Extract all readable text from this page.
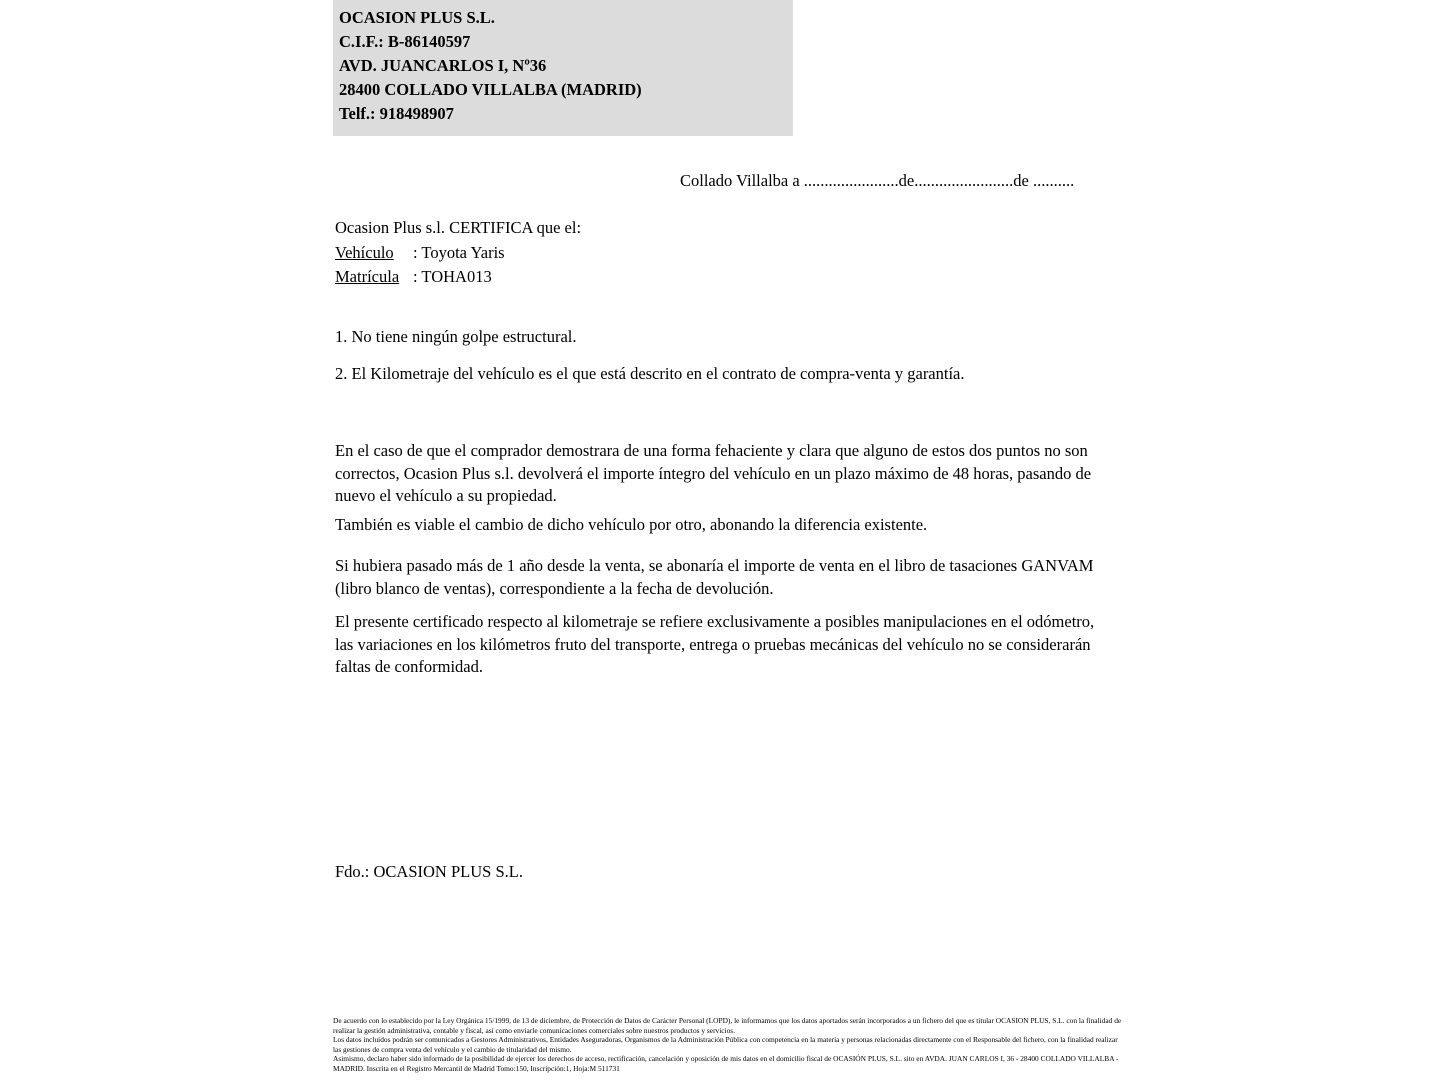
OCASION PLUS S.L.
C.I.F.: B-86140597
AVD. JUANCARLOS I, Nº36
28400 COLLADO VILLALBA (MADRID)
Telf.: 918498907
Collado Villalba a .......................de........................de ..........
Ocasion Plus s.l. CERTIFICA que el:
Vehículo : Toyota Yaris
Matrícula : TOHA013
1. No tiene ningún golpe estructural.
2. El Kilometraje del vehículo es el que está descrito en el contrato de compra-venta y garantía.
En el caso de que el comprador demostrara de una forma fehaciente y clara que alguno de estos dos puntos no son correctos, Ocasion Plus s.l. devolverá el importe íntegro del vehículo en un plazo máximo de 48 horas, pasando de nuevo el vehículo a su propiedad.
También es viable el cambio de dicho vehículo por otro, abonando la diferencia existente.
Si hubiera pasado más de 1 año desde la venta, se abonaría el importe de venta en el libro de tasaciones GANVAM (libro blanco de ventas), correspondiente a la fecha de devolución.
El presente certificado respecto al kilometraje se refiere exclusivamente a posibles manipulaciones en el odómetro, las variaciones en los kilómetros fruto del transporte, entrega o pruebas mecánicas del vehículo no se considerarán faltas de conformidad.
Fdo.: OCASION PLUS S.L.

De acuerdo con lo establecido por la Ley Orgánica 15/1999, de 13 de diciembre, de Protección de Datos de Carácter Personal (LOPD), le informamos que los datos aportados serán incorporados a un fichero del que es titular OCASION PLUS, S.L. con la finalidad de realizar la gestión administrativa, contable y fiscal, así como enviarle comunicaciones comerciales sobre nuestros productos y servicios.

Los datos incluidos podrán ser comunicados a Gestores Administrativos, Entidades Aseguradoras, Organismos de la Administración Pública con competencia en la materia y personas relacionadas directamente con el Responsable del fichero, con la finalidad realizar las gestiones de compra venta del vehículo y el cambio de titularidad del mismo.

Asimismo, declaro haber sido informado de la posibilidad de ejercer los derechos de acceso, rectificación, cancelación y oposición de mis datos en el domicilio fiscal de OCASIÓN PLUS, S.L. sito en AVDA. JUAN CARLOS I, 36 - 28400 COLLADO VILLALBA - MADRID. Inscrita en el Registro Mercantil de Madrid Tomo:150, Inscripción:1, Hoja:M 511731
